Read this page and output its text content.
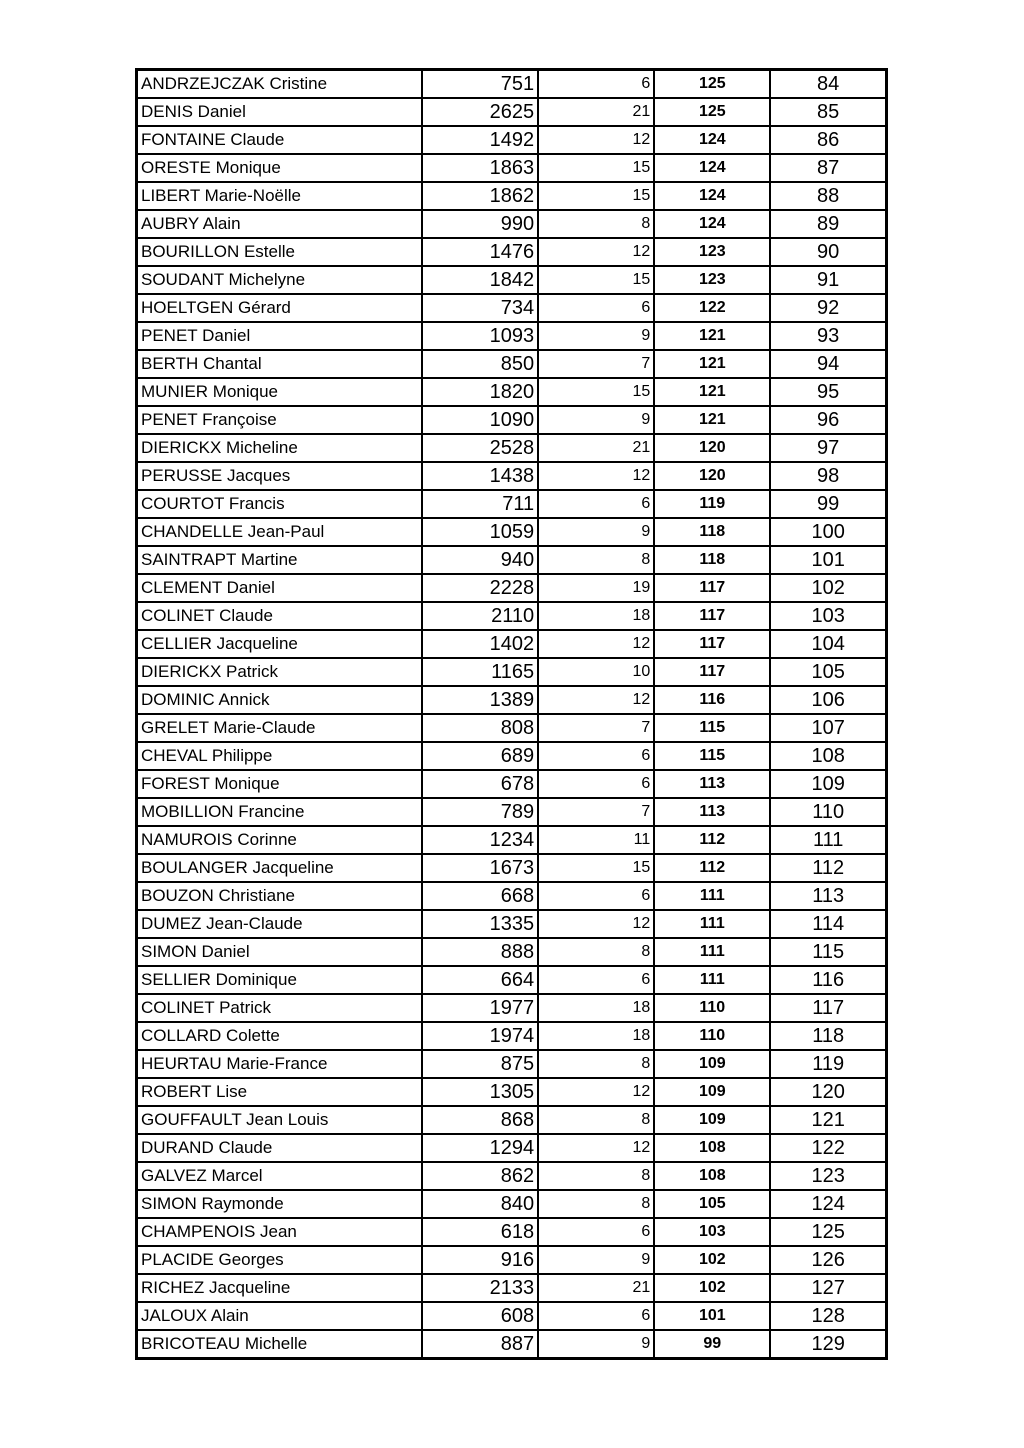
ANDRZEJCZAK Cristine	751	6	125	84
DENIS Daniel	2625	21	125	85
FONTAINE Claude	1492	12	124	86
ORESTE Monique	1863	15	124	87
LIBERT Marie-Noëlle	1862	15	124	88
AUBRY Alain	990	8	124	89
BOURILLON Estelle	1476	12	123	90
SOUDANT Michelyne	1842	15	123	91
HOELTGEN Gérard	734	6	122	92
PENET Daniel	1093	9	121	93
BERTH Chantal	850	7	121	94
MUNIER Monique	1820	15	121	95
PENET Françoise	1090	9	121	96
DIERICKX Micheline	2528	21	120	97
PERUSSE Jacques	1438	12	120	98
COURTOT Francis	711	6	119	99
CHANDELLE Jean-Paul	1059	9	118	100
SAINTRAPT Martine	940	8	118	101
CLEMENT Daniel	2228	19	117	102
COLINET Claude	2110	18	117	103
CELLIER Jacqueline	1402	12	117	104
DIERICKX Patrick	1165	10	117	105
DOMINIC Annick	1389	12	116	106
GRELET Marie-Claude	808	7	115	107
CHEVAL Philippe	689	6	115	108
FOREST Monique	678	6	113	109
MOBILLION Francine	789	7	113	110
NAMUROIS Corinne	1234	11	112	111
BOULANGER Jacqueline	1673	15	112	112
BOUZON Christiane	668	6	111	113
DUMEZ Jean-Claude	1335	12	111	114
SIMON Daniel	888	8	111	115
SELLIER Dominique	664	6	111	116
COLINET Patrick	1977	18	110	117
COLLARD Colette	1974	18	110	118
HEURTAU Marie-France	875	8	109	119
ROBERT Lise	1305	12	109	120
GOUFFAULT Jean Louis	868	8	109	121
DURAND Claude	1294	12	108	122
GALVEZ Marcel	862	8	108	123
SIMON Raymonde	840	8	105	124
CHAMPENOIS Jean	618	6	103	125
PLACIDE Georges	916	9	102	126
RICHEZ Jacqueline	2133	21	102	127
JALOUX Alain	608	6	101	128
BRICOTEAU Michelle	887	9	99	129
